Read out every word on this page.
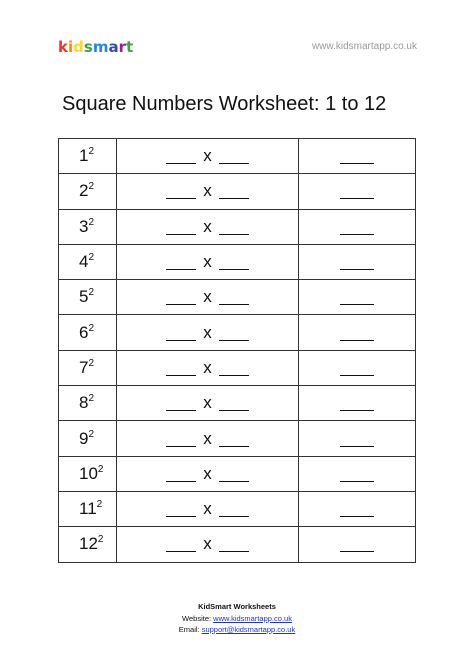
kidsmart	www.kidsmartapp.co.uk
Square Numbers Worksheet: 1 to 12
$1^2$	x	
$2^2$	x	
$3^2$	x	
$4^2$	x	
$5^2$	x	
$6^2$	x	
$7^2$	x	
$8^2$	x	
$9^2$	x	
$10^2$	x	
$11^2$	x	
$12^2$	x	
KidSmart Worksheets
Website: www.kidsmartapp.co.uk
Email: support@kidsmartapp.co.uk
